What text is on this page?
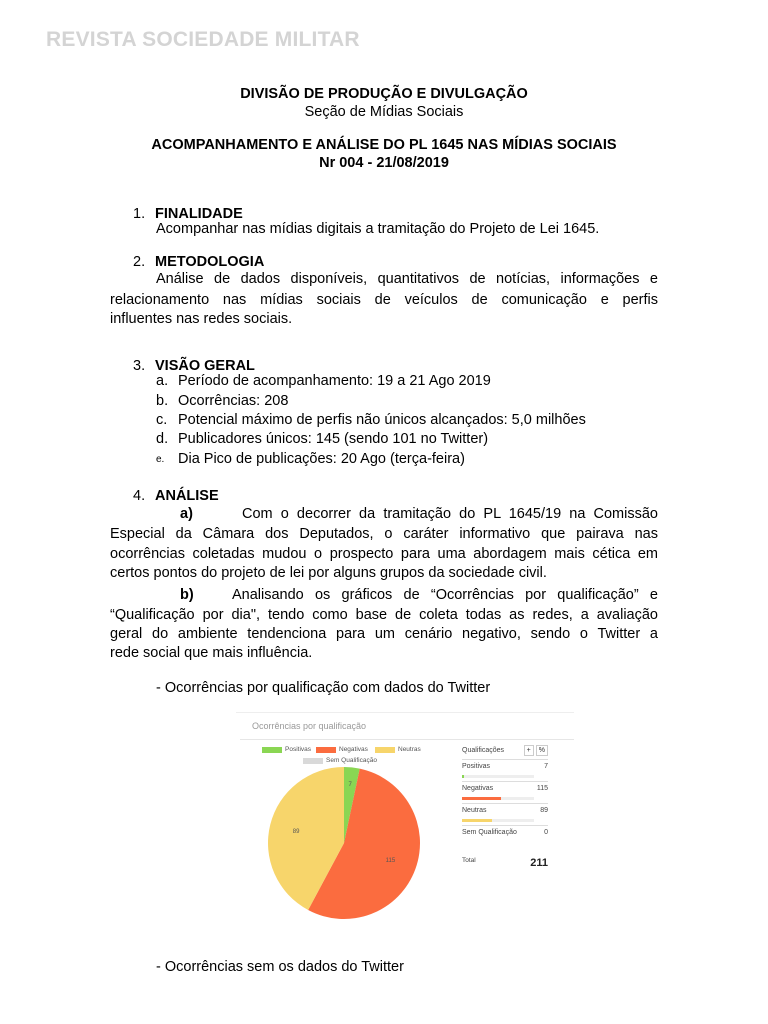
REVISTA SOCIEDADE MILITAR
DIVISÃO DE PRODUÇÃO E DIVULGAÇÃO
Seção de Mídias Sociais
ACOMPANHAMENTO E ANÁLISE DO PL 1645 NAS MÍDIAS SOCIAIS
Nr 004 - 21/08/2019
1. FINALIDADE
Acompanhar nas mídias digitais a tramitação do Projeto de Lei 1645.
2. METODOLOGIA
Análise de dados disponíveis, quantitativos de notícias, informações e
relacionamento nas mídias sociais de veículos de comunicação e perfis
influentes nas redes sociais.
3. VISÃO GERAL
a. Período de acompanhamento: 19 a 21 Ago 2019
b. Ocorrências: 208
c. Potencial máximo de perfis não únicos alcançados: 5,0 milhões
d. Publicadores únicos: 145 (sendo 101 no Twitter)
e. Dia Pico de publicações: 20 Ago (terça-feira)
4. ANÁLISE
a)	Com o decorrer da tramitação do PL 1645/19 na Comissão
Especial da Câmara dos Deputados, o caráter informativo que pairava nas
ocorrências coletadas mudou o prospecto para uma abordagem mais cética em
certos pontos do projeto de lei por alguns grupos da sociedade civil.
b)	Analisando os gráficos de “Ocorrências por qualificação” e
“Qualificação por dia", tendo como base de coleta todas as redes, a avaliação
geral do ambiente tendenciona para um cenário negativo, sendo o Twitter a
rede social que mais influência.
- Ocorrências por qualificação com dados do Twitter
Ocorrências por qualificação
Positivas	Negativas	Neutras
Sem Qualificação
7
115
89
Qualificações	+	%
Positivas	7
Negativas	115
Neutras	89
Sem Qualificação	0
Total	211
- Ocorrências sem os dados do Twitter
